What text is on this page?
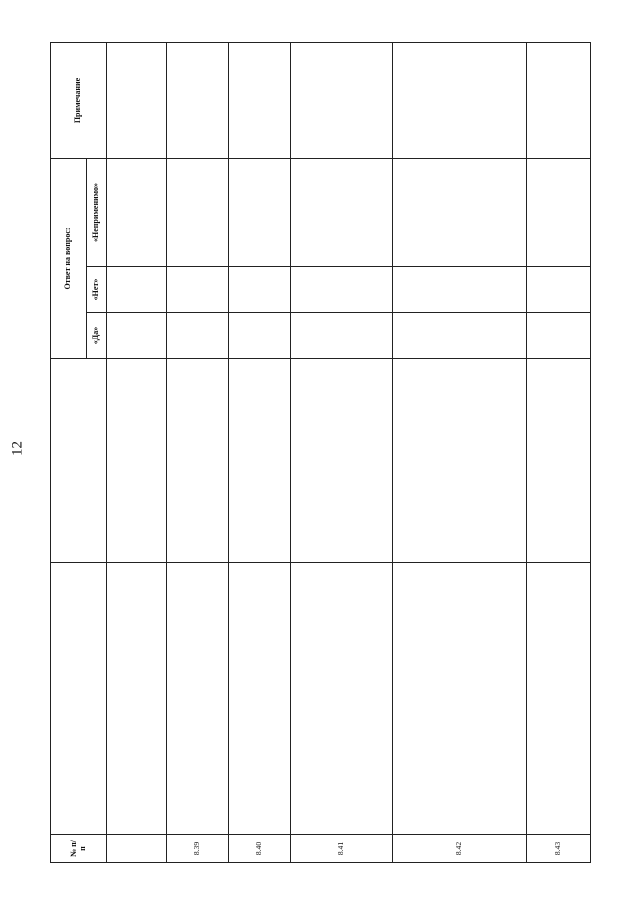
12
№ п/п			Ответ на вопрос:			Примечание
			«Да»	«Нет»	«Неприменимо»	

8.39						
8.40						
8.41						
8.42						
8.43						
